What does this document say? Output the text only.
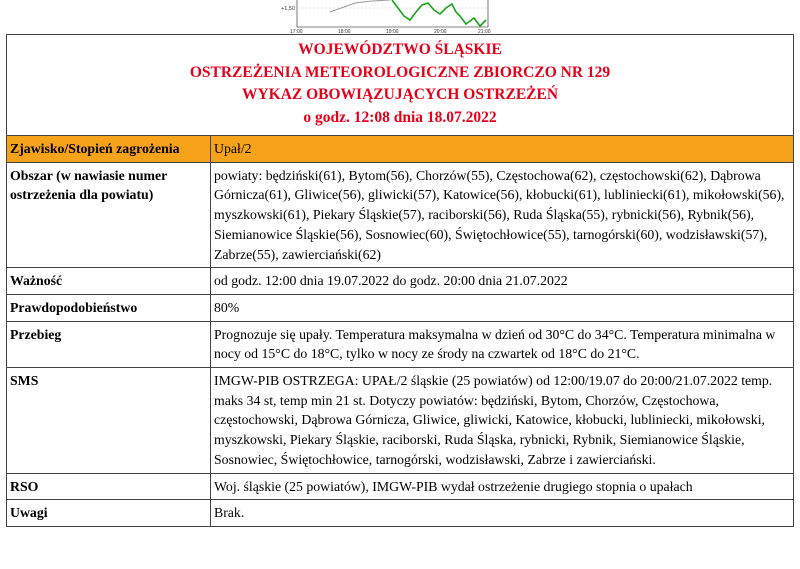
+1,50
17:00	18:00	19:00	20:00	21:00
WOJEWÓDZTWO ŚLĄSKIE
OSTRZEŻENIA METEOROLOGICZNE ZBIORCZO NR 129
WYKAZ OBOWIĄZUJĄCYCH OSTRZEŻEŃ
o godz. 12:08 dnia 18.07.2022
Zjawisko/Stopień zagrożenia	Upał/2
Obszar (w nawiasie numer ostrzeżenia dla powiatu)	powiaty: będziński(61), Bytom(56), Chorzów(55), Częstochowa(62), częstochowski(62), Dąbrowa Górnicza(61), Gliwice(56), gliwicki(57), Katowice(56), kłobucki(61), lubliniecki(61), mikołowski(56), myszkowski(61), Piekary Śląskie(57), raciborski(56), Ruda Śląska(55), rybnicki(56), Rybnik(56), Siemianowice Śląskie(56), Sosnowiec(60), Świętochłowice(55), tarnogórski(60), wodzisławski(57), Zabrze(55), zawierciański(62)
Ważność	od godz. 12:00 dnia 19.07.2022 do godz. 20:00 dnia 21.07.2022
Prawdopodobieństwo	80%
Przebieg	Prognozuje się upały. Temperatura maksymalna w dzień od 30°C do 34°C. Temperatura minimalna w nocy od 15°C do 18°C, tylko w nocy ze środy na czwartek od 18°C do 21°C.
SMS	IMGW-PIB OSTRZEGA: UPAŁ/2 śląskie (25 powiatów) od 12:00/19.07 do 20:00/21.07.2022 temp. maks 34 st, temp min 21 st. Dotyczy powiatów: będziński, Bytom, Chorzów, Częstochowa, częstochowski, Dąbrowa Górnicza, Gliwice, gliwicki, Katowice, kłobucki, lubliniecki, mikołowski, myszkowski, Piekary Śląskie, raciborski, Ruda Śląska, rybnicki, Rybnik, Siemianowice Śląskie, Sosnowiec, Świętochłowice, tarnogórski, wodzisławski, Zabrze i zawierciański.
RSO	Woj. śląskie (25 powiatów), IMGW-PIB wydał ostrzeżenie drugiego stopnia o upałach
Uwagi	Brak.
